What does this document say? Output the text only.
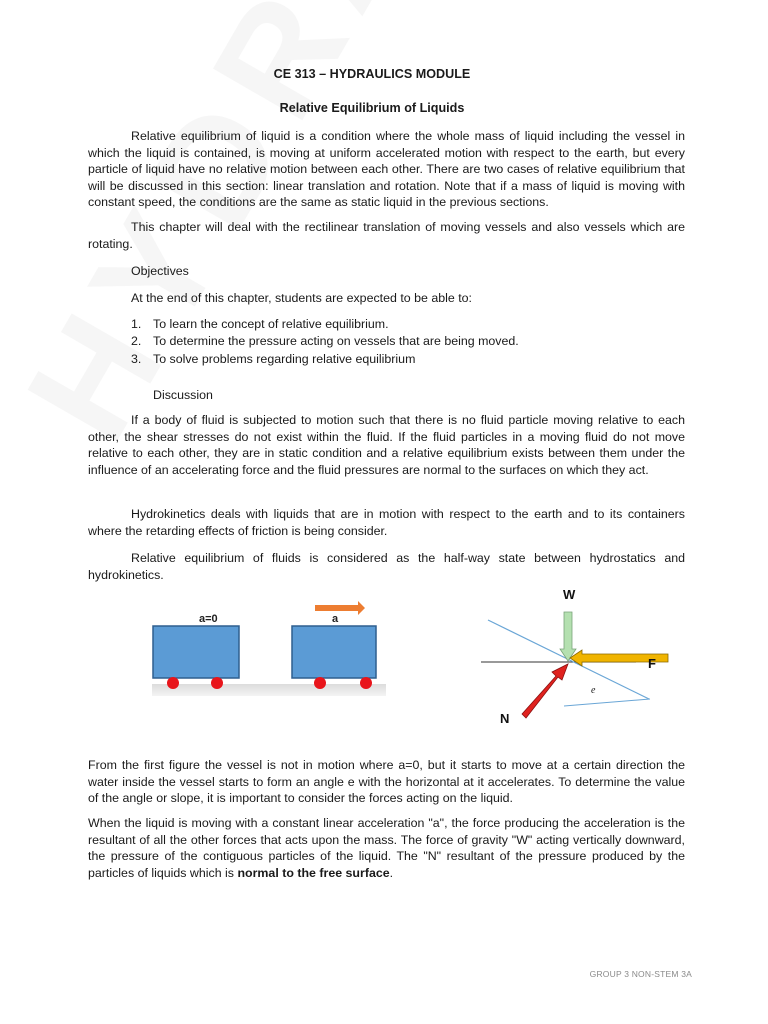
CE 313 – HYDRAULICS MODULE
Relative Equilibrium of Liquids

Relative equilibrium of liquid is a condition where the whole mass of liquid including the vessel in which the liquid is contained, is moving at uniform accelerated motion with respect to the earth, but every particle of liquid have no relative motion between each other. There are two cases of relative equilibrium that will be discussed in this section: linear translation and rotation. Note that if a mass of liquid is moving with constant speed, the conditions are the same as static liquid in the previous sections.

This chapter will deal with the rectilinear translation of moving vessels and also vessels which are rotating.

Objectives

At the end of this chapter, students are expected to be able to:

1. To learn the concept of relative equilibrium.
2. To determine the pressure acting on vessels that are being moved.
3. To solve problems regarding relative equilibrium

Discussion

If a body of fluid is subjected to motion such that there is no fluid particle moving relative to each other, the shear stresses do not exist within the fluid. If the fluid particles in a moving fluid do not move relative to each other, they are in static condition and a relative equilibrium exists between them under the influence of an accelerating force and the fluid pressures are normal to the surfaces on which they act.

Hydrokinetics deals with liquids that are in motion with respect to the earth and to its containers where the retarding effects of friction is being consider.

Relative equilibrium of fluids is considered as the half-way state between hydrostatics and hydrokinetics.

a=0	a
W
F
N
e

From the first figure the vessel is not in motion where a=0, but it starts to move at a certain direction the water inside the vessel starts to form an angle e with the horizontal at it accelerates. To determine the value of the angle or slope, it is important to consider the forces acting on the liquid.

When the liquid is moving with a constant linear acceleration "a", the force producing the acceleration is the resultant of all the other forces that acts upon the mass. The force of gravity "W" acting vertically downward, the pressure of the contiguous particles of the liquid. The "N" resultant of the pressure produced by the particles of liquids which is normal to the free surface.

GROUP 3 NON-STEM 3A
